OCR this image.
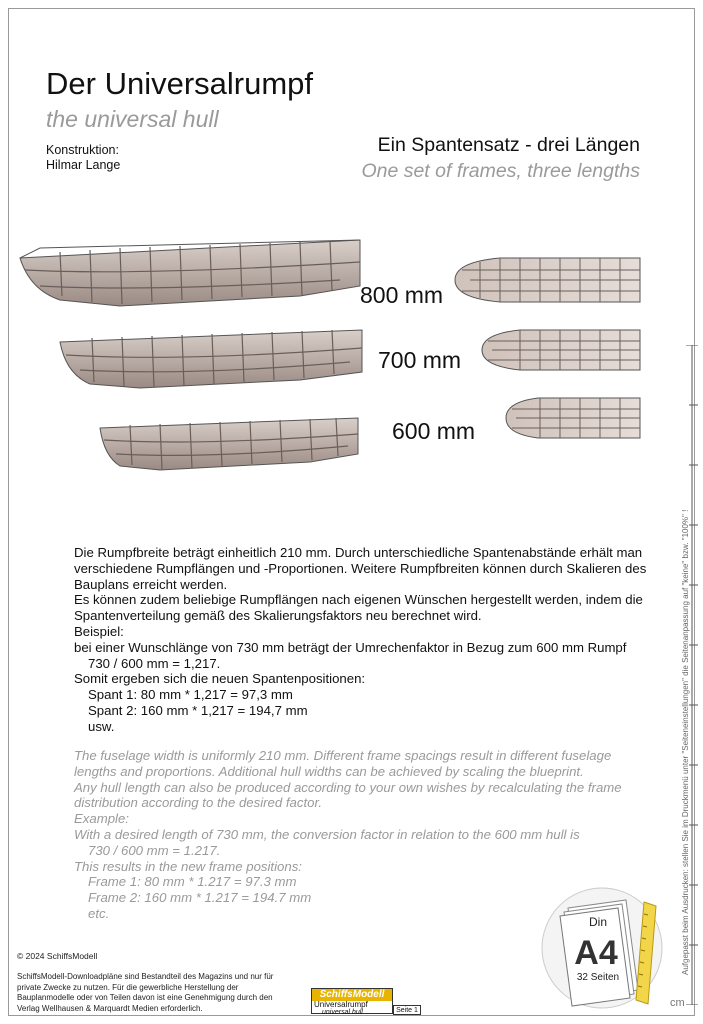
Der Universalrumpf
the universal hull
Konstruktion:
Hilmar Lange
Ein Spantensatz - drei Längen
One set of frames, three lengths
800 mm
700 mm
600 mm

Die Rumpfbreite beträgt einheitlich 210 mm. Durch unterschiedliche Spantenabstände erhält man

verschiedene Rumpflängen und -Proportionen. Weitere Rumpfbreiten können durch Skalieren des

Bauplans erreicht werden.

Es können zudem beliebige Rumpflängen nach eigenen Wünschen hergestellt werden, indem die

Spantenverteilung gemäß des Skalierungsfaktors neu berechnet wird.

Beispiel:

bei einer Wunschlänge von 730 mm beträgt der Umrechenfaktor in Bezug zum 600 mm Rumpf

730 / 600 mm = 1,217.

Somit ergeben sich die neuen Spantenpositionen:

Spant 1: 80 mm * 1,217 = 97,3 mm

Spant 2: 160 mm * 1,217 = 194,7 mm

usw.

The fuselage width is uniformly 210 mm. Different frame spacings result in different fuselage

lengths and proportions. Additional hull widths can be achieved by scaling the blueprint.

Any hull length can also be produced according to your own wishes by recalculating the frame

distribution according to the desired factor.

Example:

With a desired length of 730 mm, the conversion factor in relation to the 600 mm hull is

730 / 600 mm = 1.217.

This results in the new frame positions:

Frame 1: 80 mm * 1.217 = 97.3 mm

Frame 2: 160 mm * 1.217 = 194.7 mm

etc.

Din
A4
32 Seiten
Aufgepasst beim Ausdrucken: stellen Sie im Druckmenü unter "Seiteneinstellungen" die Seitenanpassung auf "keine" bzw. "100%" !
cm
© 2024 SchiffsModell
SchiffsModell-Downloadpläne sind Bestandteil des Magazins und nur für private Zwecke zu nutzen. Für die gewerbliche Herstellung der Bauplanmodelle oder von Teilen davon ist eine Genehmigung durch den Verlag Wellhausen & Marquardt Medien erforderlich.
SchiffsModell
Universalrumpf
universal hull	Seite 1
